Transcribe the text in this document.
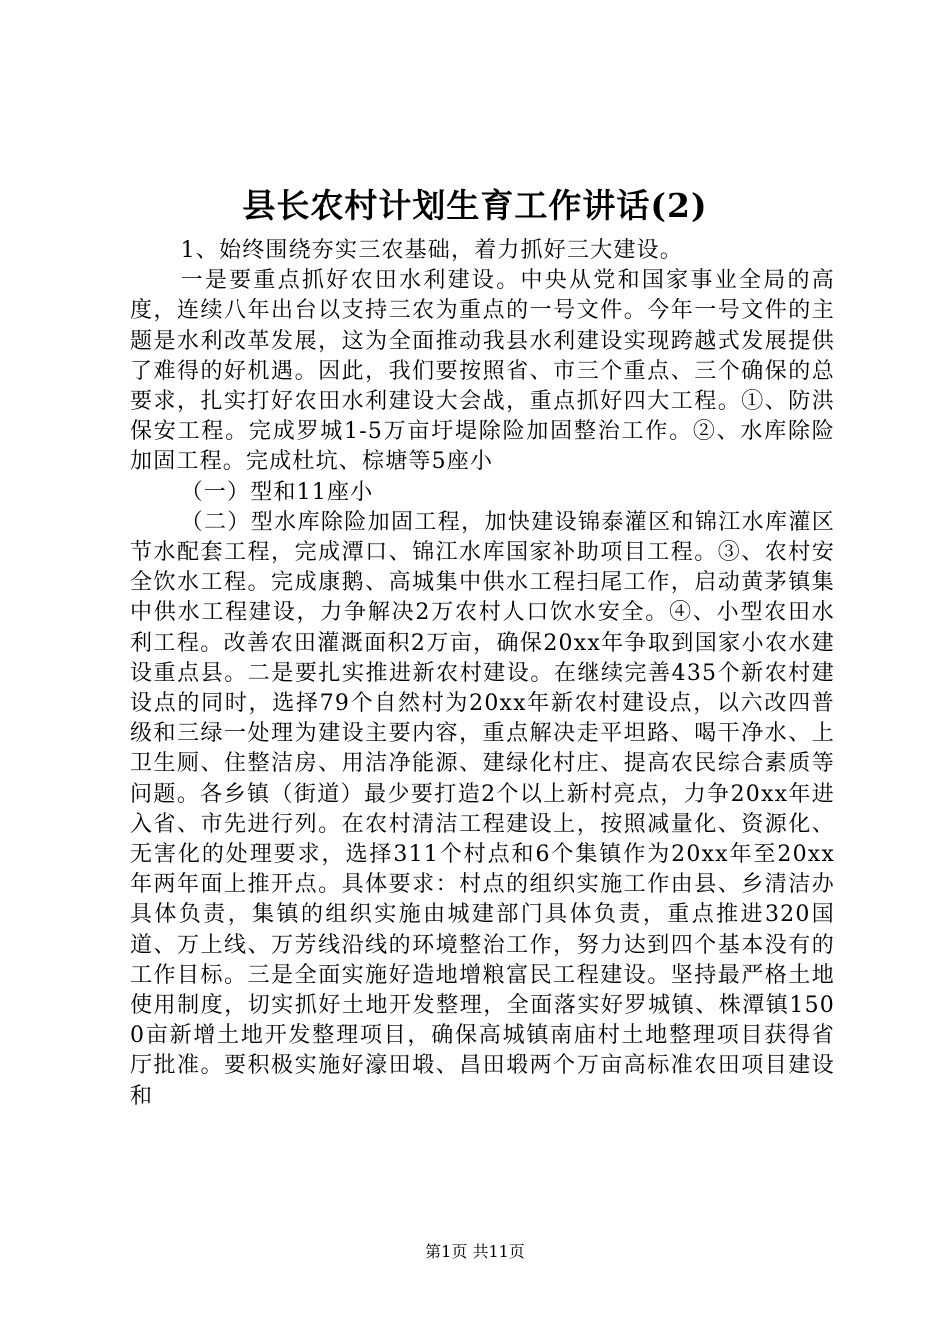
县长农村计划生育工作讲话(2)

1、始终围绕夯实三农基础，着力抓好三大建设。

一是要重点抓好农田水利建设。中央从党和国家事业全局的高度，连续八年出台以支持三农为重点的一号文件。今年一号文件的主题是水利改革发展，这为全面推动我县水利建设实现跨越式发展提供了难得的好机遇。因此，我们要按照省、市三个重点、三个确保的总要求，扎实打好农田水利建设大会战，重点抓好四大工程。①、防洪保安工程。完成罗城1-5万亩圩堤除险加固整治工作。②、水库除险加固工程。完成杜坑、棕塘等5座小

（一）型和11座小

（二）型水库除险加固工程，加快建设锦泰灌区和锦江水库灌区节水配套工程，完成潭口、锦江水库国家补助项目工程。③、农村安全饮水工程。完成康鹅、高城集中供水工程扫尾工作，启动黄茅镇集中供水工程建设，力争解决2万农村人口饮水安全。④、小型农田水利工程。改善农田灌溉面积2万亩，确保20xx年争取到国家小农水建设重点县。二是要扎实推进新农村建设。在继续完善435个新农村建设点的同时，选择79个自然村为20xx年新农村建设点，以六改四普级和三绿一处理为建设主要内容，重点解决走平坦路、喝干净水、上卫生厕、住整洁房、用洁净能源、建绿化村庄、提高农民综合素质等问题。各乡镇（街道）最少要打造2个以上新村亮点，力争20xx年进入省、市先进行列。在农村清洁工程建设上，按照减量化、资源化、无害化的处理要求，选择311个村点和6个集镇作为20xx年至20xx年两年面上推开点。具体要求：村点的组织实施工作由县、乡清洁办具体负责，集镇的组织实施由城建部门具体负责，重点推进320国道、万上线、万芳线沿线的环境整治工作，努力达到四个基本没有的工作目标。三是全面实施好造地增粮富民工程建设。坚持最严格土地使用制度，切实抓好土地开发整理，全面落实好罗城镇、株潭镇1500亩新增土地开发整理项目，确保高城镇南庙村土地整理项目获得省厅批准。要积极实施好濠田塅、昌田塅两个万亩高标准农田项目建设和

第1页 共11页
